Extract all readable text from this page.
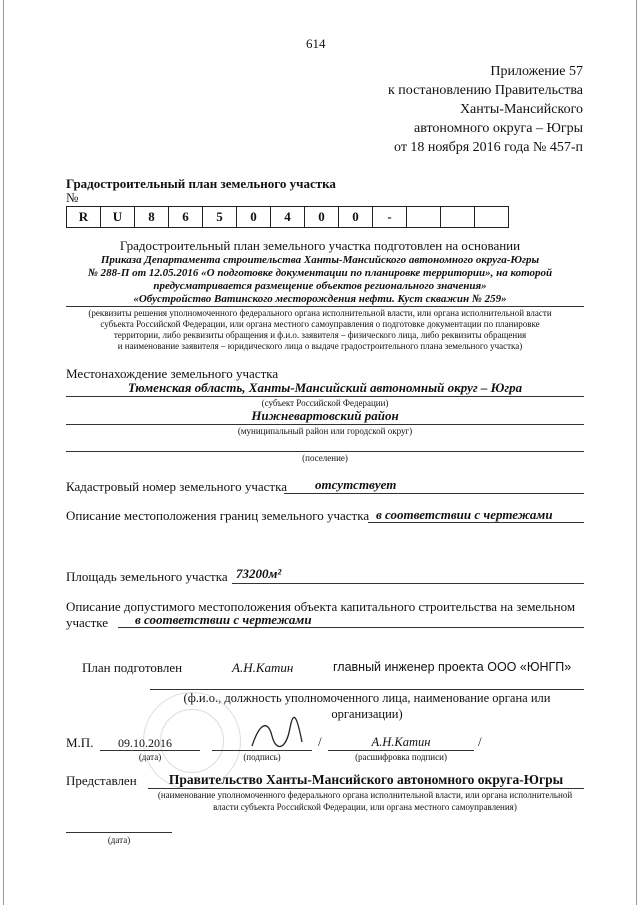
614
Приложение 57
к постановлению Правительства
Ханты-Мансийского
автономного округа – Югры
от 18 ноября 2016 года № 457-п
Градостроительный план земельного участка
№
R	U	8	6	5	0	4	0	0	-			
Градостроительный план земельного участка подготовлен на основании
Приказа Департамента строительства Ханты-Мансийского автономного округа-Югры
№ 288-П от 12.05.2016 «О подготовке документации по планировке территории», на которой
предусматривается размещение объектов регионального значения»
«Обустройство Ватинского месторождения нефти. Куст скважин № 259»
(реквизиты решения уполномоченного федерального органа исполнительной власти, или органа исполнительной власти
субъекта Российской Федерации, или органа местного самоуправления о подготовке документации по планировке
территории, либо реквизиты обращения и ф.и.о. заявителя – физического лица, либо реквизиты обращения
и наименование заявителя – юридического лица о выдаче градостроительного плана земельного участка)
Местонахождение земельного участка
Тюменская область, Ханты-Мансийский автономный округ – Югра
(субъект Российской Федерации)
Нижневартовский район
(муниципальный район или городской округ)
(поселение)
Кадастровый номер земельного участка отсутствует
Описание местоположения границ земельного участка в соответствии с чертежами
Площадь земельного участка 73200м²
Описание допустимого местоположения объекта капитального строительства на земельном
участке в соответствии с чертежами
План подготовлен	А.Н.Катин	главный инженер проекта ООО «ЮНГП»
(ф.и.о., должность уполномоченного лица, наименование органа или
организации)
М.П. 09.10.2016
(дата)	(подпись)
/	А.Н.Катин	/
(расшифровка подписи)
Представлен	Правительство Ханты-Мансийского автономного округа-Югры
(наименование уполномоченного федерального органа исполнительной власти, или органа исполнительной
власти субъекта Российской Федерации, или органа местного самоуправления)
(дата)
